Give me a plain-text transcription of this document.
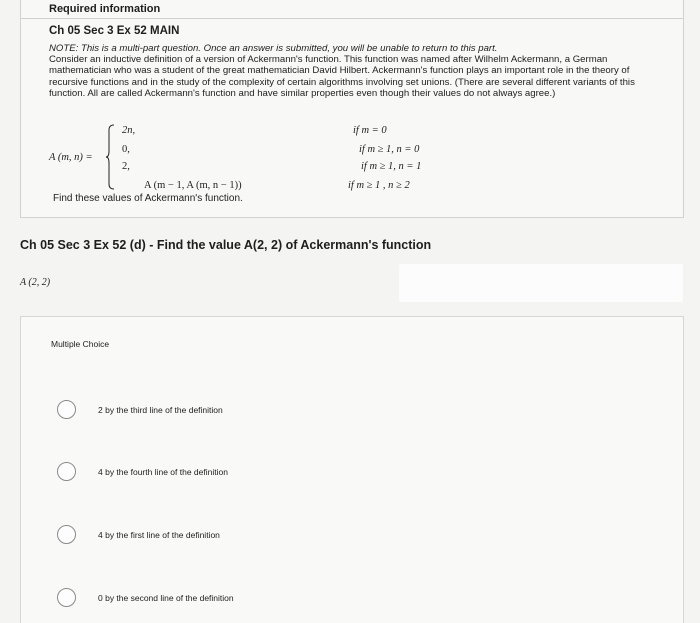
Required information
Ch 05 Sec 3 Ex 52 MAIN
NOTE: This is a multi-part question. Once an answer is submitted, you will be unable to return to this part.
Consider an inductive definition of a version of Ackermann's function. This function was named after Wilhelm Ackermann, a German mathematician who was a student of the great mathematician David Hilbert. Ackermann's function plays an important role in the theory of recursive functions and in the study of the complexity of certain algorithms involving set unions. (There are several different variants of this function. All are called Ackermann's function and have similar properties even though their values do not always agree.)
A (m, n) =
2n,
0,
2,
A (m − 1, A (m, n − 1))
if m = 0
if m ≥ 1, n = 0
if m ≥ 1, n = 1
if m ≥ 1 , n ≥ 2
Find these values of Ackermann's function.
Ch 05 Sec 3 Ex 52 (d) - Find the value A(2, 2) of Ackermann's function
A (2, 2)
Multiple Choice
2 by the third line of the definition
4 by the fourth line of the definition
4 by the first line of the definition
0 by the second line of the definition
